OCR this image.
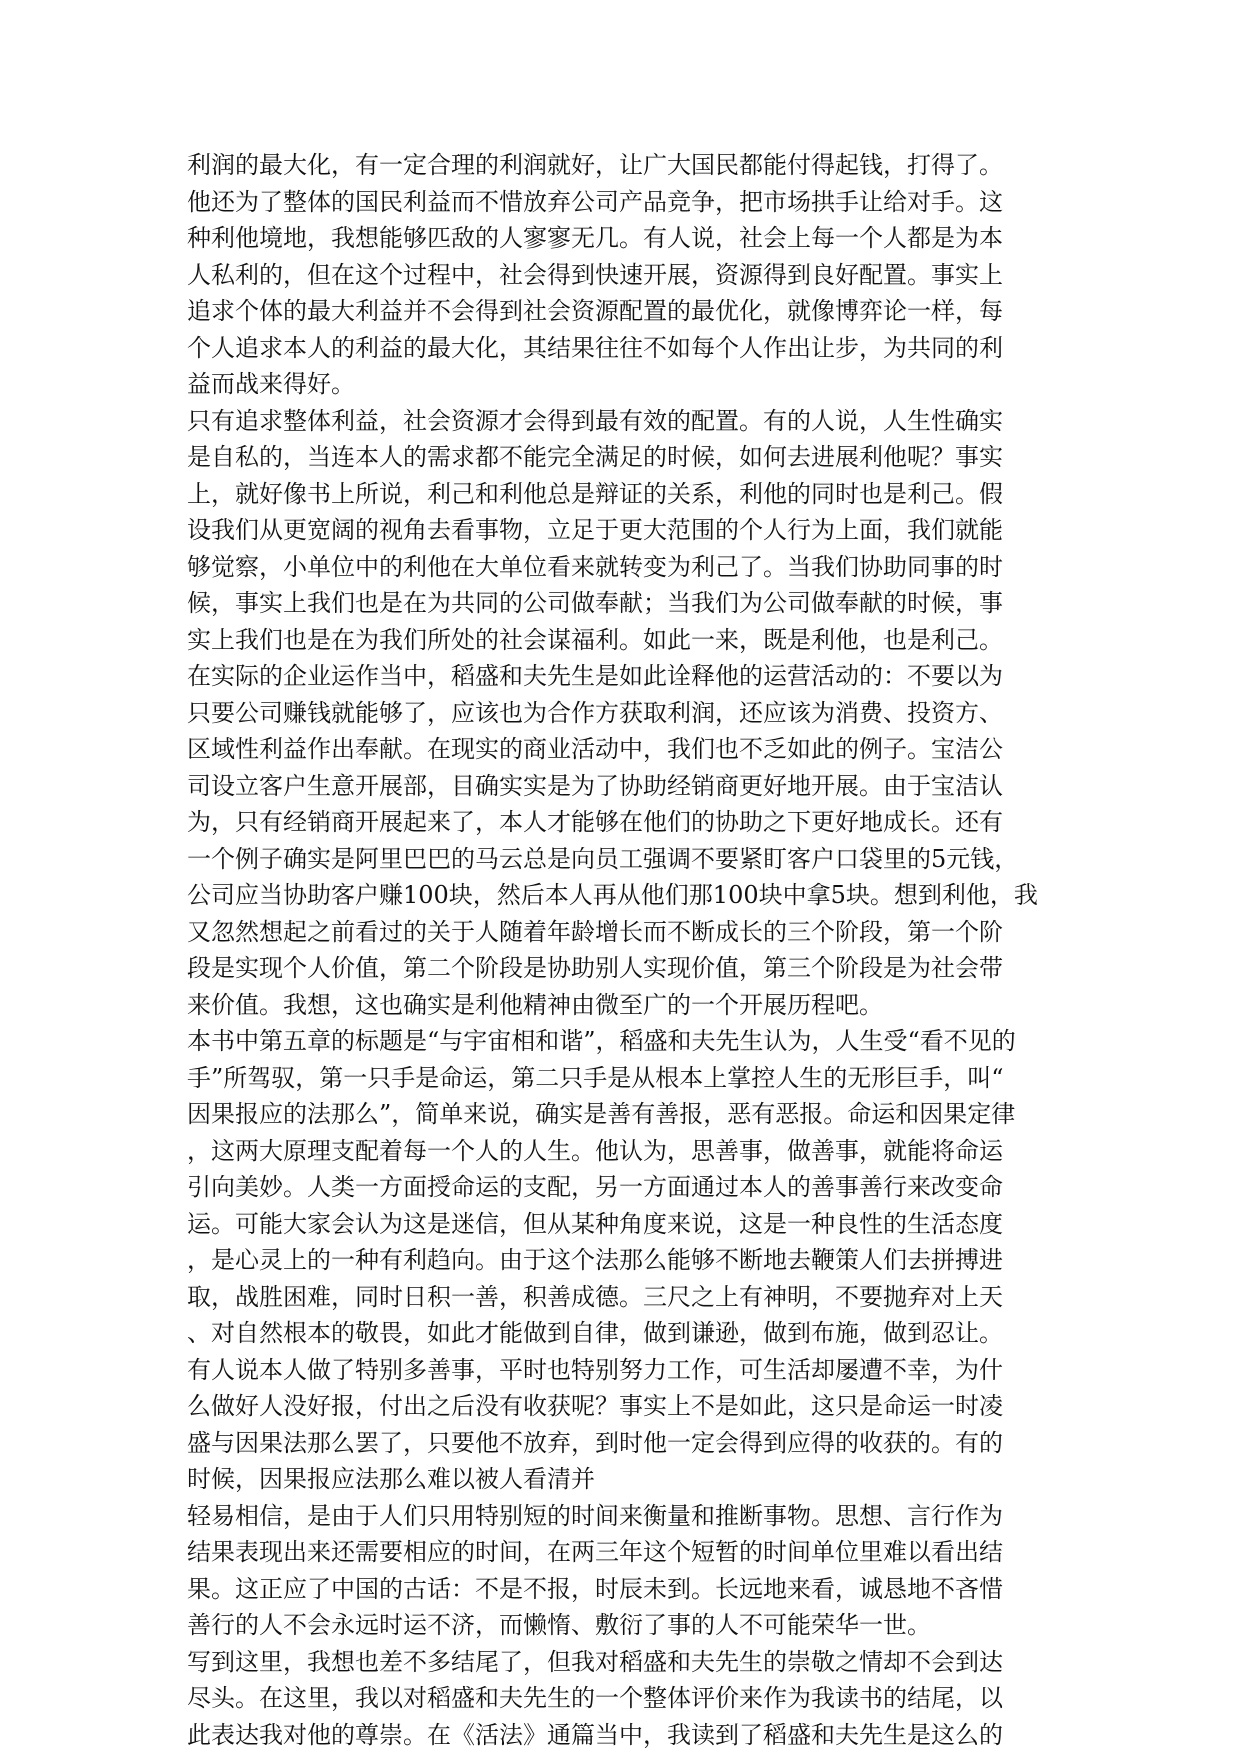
利润的最大化，有一定合理的利润就好，让广大国民都能付得起钱，打得了。
他还为了整体的国民利益而不惜放弃公司产品竞争，把市场拱手让给对手。这
种利他境地，我想能够匹敌的人寥寥无几。有人说，社会上每一个人都是为本
人私利的，但在这个过程中，社会得到快速开展，资源得到良好配置。事实上
追求个体的最大利益并不会得到社会资源配置的最优化，就像博弈论一样，每
个人追求本人的利益的最大化，其结果往往不如每个人作出让步，为共同的利
益而战来得好。
只有追求整体利益，社会资源才会得到最有效的配置。有的人说，人生性确实
是自私的，当连本人的需求都不能完全满足的时候，如何去进展利他呢？事实
上，就好像书上所说，利己和利他总是辩证的关系，利他的同时也是利己。假
设我们从更宽阔的视角去看事物，立足于更大范围的个人行为上面，我们就能
够觉察，小单位中的利他在大单位看来就转变为利己了。当我们协助同事的时
候，事实上我们也是在为共同的公司做奉献；当我们为公司做奉献的时候，事
实上我们也是在为我们所处的社会谋福利。如此一来，既是利他，也是利己。
在实际的企业运作当中，稻盛和夫先生是如此诠释他的运营活动的：不要以为
只要公司赚钱就能够了，应该也为合作方获取利润，还应该为消费、投资方、
区域性利益作出奉献。在现实的商业活动中，我们也不乏如此的例子。宝洁公
司设立客户生意开展部，目确实实是为了协助经销商更好地开展。由于宝洁认
为，只有经销商开展起来了，本人才能够在他们的协助之下更好地成长。还有
一个例子确实是阿里巴巴的马云总是向员工强调不要紧盯客户口袋里的5元钱，
公司应当协助客户赚100块，然后本人再从他们那100块中拿5块。想到利他，我
又忽然想起之前看过的关于人随着年龄增长而不断成长的三个阶段，第一个阶
段是实现个人价值，第二个阶段是协助别人实现价值，第三个阶段是为社会带
来价值。我想，这也确实是利他精神由微至广的一个开展历程吧。
本书中第五章的标题是“与宇宙相和谐”，稻盛和夫先生认为，人生受“看不见的
手”所驾驭，第一只手是命运，第二只手是从根本上掌控人生的无形巨手，叫“
因果报应的法那么”，简单来说，确实是善有善报，恶有恶报。命运和因果定律
，这两大原理支配着每一个人的人生。他认为，思善事，做善事，就能将命运
引向美妙。人类一方面授命运的支配，另一方面通过本人的善事善行来改变命
运。可能大家会认为这是迷信，但从某种角度来说，这是一种良性的生活态度
，是心灵上的一种有利趋向。由于这个法那么能够不断地去鞭策人们去拼搏进
取，战胜困难，同时日积一善，积善成德。三尺之上有神明，不要抛弃对上天
、对自然根本的敬畏，如此才能做到自律，做到谦逊，做到布施，做到忍让。
有人说本人做了特别多善事，平时也特别努力工作，可生活却屡遭不幸，为什
么做好人没好报，付出之后没有收获呢？事实上不是如此，这只是命运一时凌
盛与因果法那么罢了，只要他不放弃，到时他一定会得到应得的收获的。有的
时候，因果报应法那么难以被人看清并
轻易相信，是由于人们只用特别短的时间来衡量和推断事物。思想、言行作为
结果表现出来还需要相应的时间，在两三年这个短暂的时间单位里难以看出结
果。这正应了中国的古话：不是不报，时辰未到。长远地来看，诚恳地不吝惜
善行的人不会永远时运不济，而懒惰、敷衍了事的人不可能荣华一世。
写到这里，我想也差不多结尾了，但我对稻盛和夫先生的崇敬之情却不会到达
尽头。在这里，我以对稻盛和夫先生的一个整体评价来作为我读书的结尾，以
此表达我对他的尊崇。在《活法》通篇当中，我读到了稻盛和夫先生是这么的
